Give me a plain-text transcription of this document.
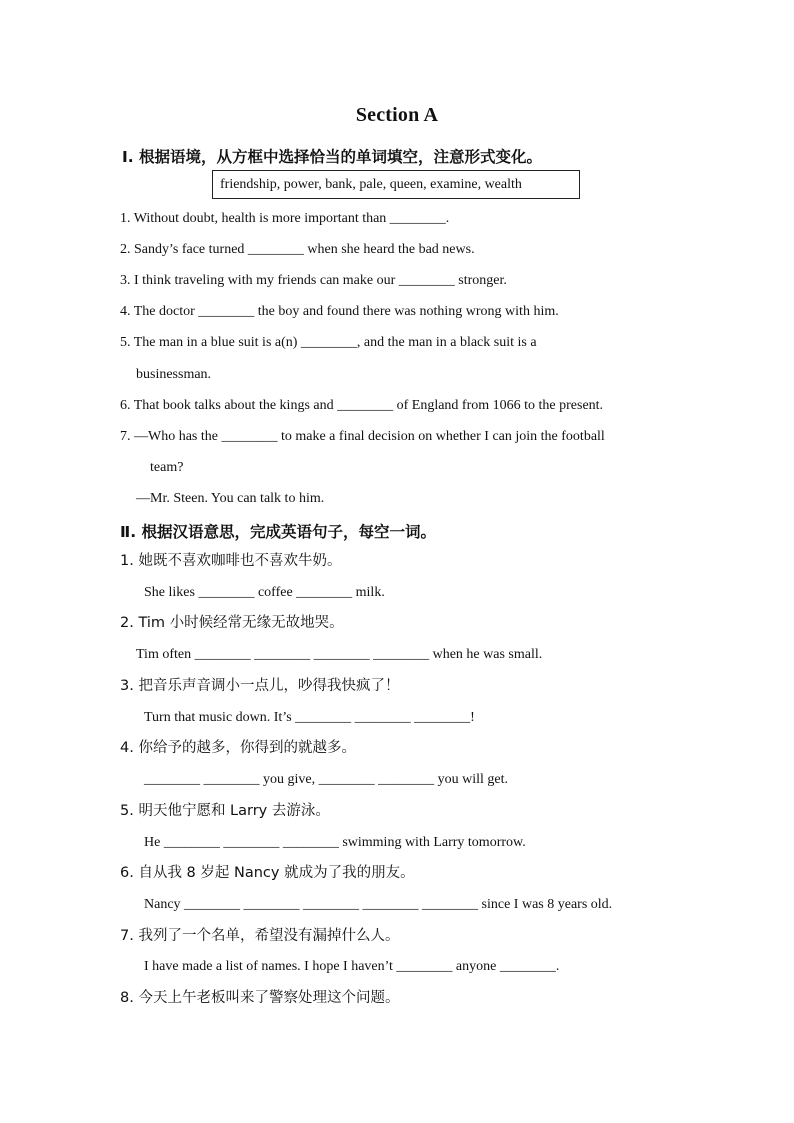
Section A
Ⅰ. 根据语境，从方框中选择恰当的单词填空，注意形式变化。
friendship, power, bank, pale, queen, examine, wealth
1. Without doubt, health is more important than ________.
2. Sandy’s face turned ________ when she heard the bad news.
3. I think traveling with my friends can make our ________ stronger.
4. The doctor ________ the boy and found there was nothing wrong with him.
5. The man in a blue suit is a(n) ________, and the man in a black suit is a
businessman.
6. That book talks about the kings and ________ of England from 1066 to the present.
7. —Who has the ________ to make a final decision on whether I can join the football
team?
—Mr. Steen. You can talk to him.
Ⅱ. 根据汉语意思，完成英语句子，每空一词。
1. 她既不喜欢咖啡也不喜欢牛奶。
She likes ________ coffee ________ milk.
2. Tim 小时候经常无缘无故地哭。
Tim often ________ ________ ________ ________ when he was small.
3. 把音乐声音调小一点儿，吵得我快疯了！
Turn that music down. It’s ________ ________ ________!
4. 你给予的越多，你得到的就越多。
________ ________ you give, ________ ________ you will get.
5. 明天他宁愿和 Larry 去游泳。
He ________ ________ ________ swimming with Larry tomorrow.
6. 自从我 8 岁起 Nancy 就成为了我的朋友。
Nancy ________ ________ ________ ________ ________ since I was 8 years old.
7. 我列了一个名单，希望没有漏掉什么人。
I have made a list of names. I hope I haven’t ________ anyone ________.
8. 今天上午老板叫来了警察处理这个问题。
